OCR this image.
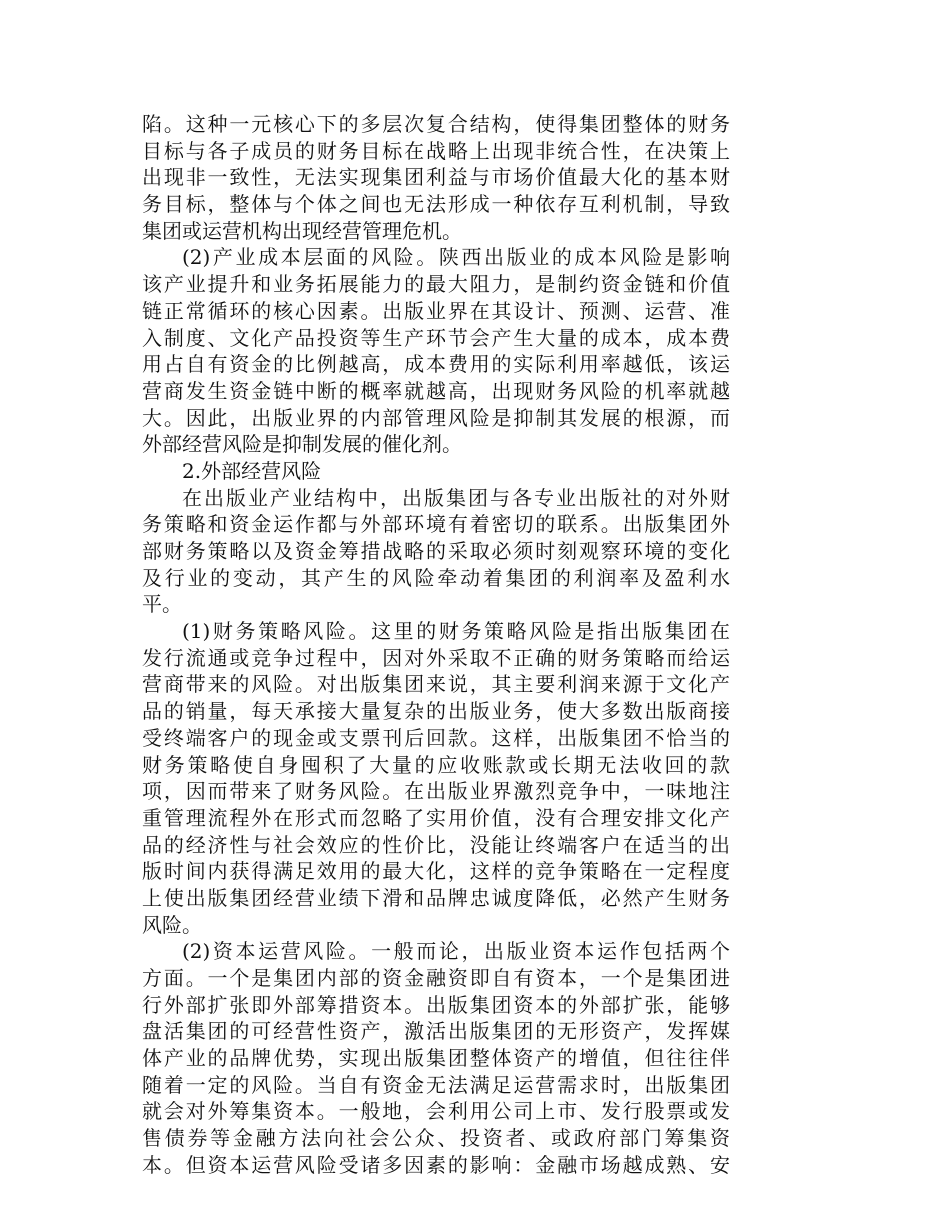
陷。这种一元核心下的多层次复合结构，使得集团整体的财务
目标与各子成员的财务目标在战略上出现非统合性，在决策上
出现非一致性，无法实现集团利益与市场价值最大化的基本财
务目标，整体与个体之间也无法形成一种依存互利机制，导致
集团或运营机构出现经营管理危机。
(2)产业成本层面的风险。陕西出版业的成本风险是影响
该产业提升和业务拓展能力的最大阻力，是制约资金链和价值
链正常循环的核心因素。出版业界在其设计、预测、运营、准
入制度、文化产品投资等生产环节会产生大量的成本，成本费
用占自有资金的比例越高，成本费用的实际利用率越低，该运
营商发生资金链中断的概率就越高，出现财务风险的机率就越
大。因此，出版业界的内部管理风险是抑制其发展的根源，而
外部经营风险是抑制发展的催化剂。
2.外部经营风险
在出版业产业结构中，出版集团与各专业出版社的对外财
务策略和资金运作都与外部环境有着密切的联系。出版集团外
部财务策略以及资金筹措战略的采取必须时刻观察环境的变化
及行业的变动，其产生的风险牵动着集团的利润率及盈利水
平。
(1)财务策略风险。这里的财务策略风险是指出版集团在
发行流通或竞争过程中，因对外采取不正确的财务策略而给运
营商带来的风险。对出版集团来说，其主要利润来源于文化产
品的销量，每天承接大量复杂的出版业务，使大多数出版商接
受终端客户的现金或支票刊后回款。这样，出版集团不恰当的
财务策略使自身囤积了大量的应收账款或长期无法收回的款
项，因而带来了财务风险。在出版业界激烈竞争中，一味地注
重管理流程外在形式而忽略了实用价值，没有合理安排文化产
品的经济性与社会效应的性价比，没能让终端客户在适当的出
版时间内获得满足效用的最大化，这样的竞争策略在一定程度
上使出版集团经营业绩下滑和品牌忠诚度降低，必然产生财务
风险。
(2)资本运营风险。一般而论，出版业资本运作包括两个
方面。一个是集团内部的资金融资即自有资本，一个是集团进
行外部扩张即外部筹措资本。出版集团资本的外部扩张，能够
盘活集团的可经营性资产，激活出版集团的无形资产，发挥媒
体产业的品牌优势，实现出版集团整体资产的增值，但往往伴
随着一定的风险。当自有资金无法满足运营需求时，出版集团
就会对外筹集资本。一般地，会利用公司上市、发行股票或发
售债券等金融方法向社会公众、投资者、或政府部门筹集资
本。但资本运营风险受诸多因素的影响：金融市场越成熟、安
